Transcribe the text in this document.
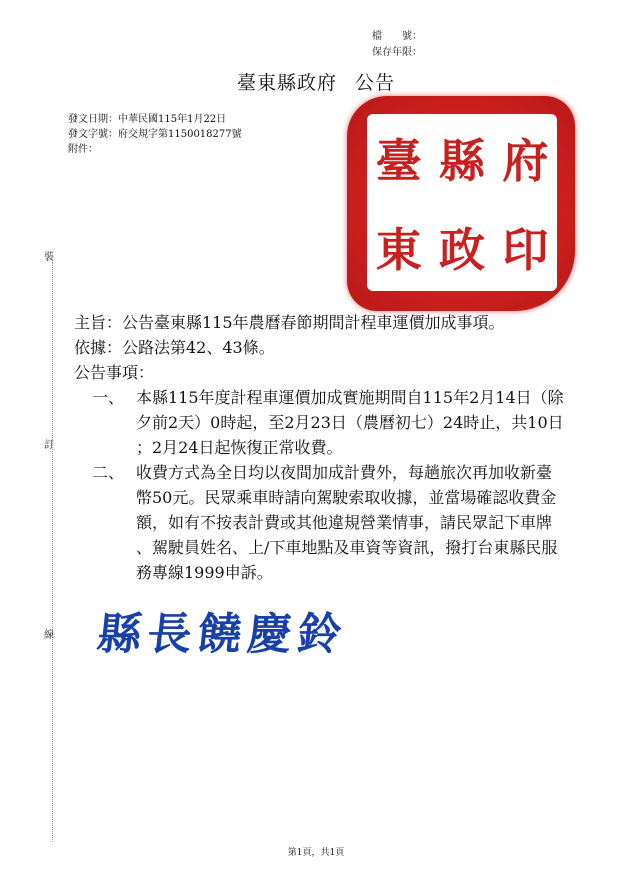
檔　　號：
保存年限：
臺東縣政府 公告
發文日期：中華民國115年1月22日
發文字號：府交規字第1150018277號
附件：	臺 縣 府
東 政 印
裝
訂
線
主旨：公告臺東縣115年農曆春節期間計程車運價加成事項。
依據：公路法第42、43條。
公告事項：
一、 本縣115年度計程車運價加成實施期間自115年2月14日（除
夕前2天）0時起，至2月23日（農曆初七）24時止，共10日
；2月24日起恢復正常收費。
二、 收費方式為全日均以夜間加成計費外，每趟旅次再加收新臺
幣50元。民眾乘車時請向駕駛索取收據，並當場確認收費金
額，如有不按表計費或其他違規營業情事，請民眾記下車牌
、駕駛員姓名、上/下車地點及車資等資訊，撥打台東縣民服
務專線1999申訴。
縣長饒慶鈴
第1頁，共1頁
